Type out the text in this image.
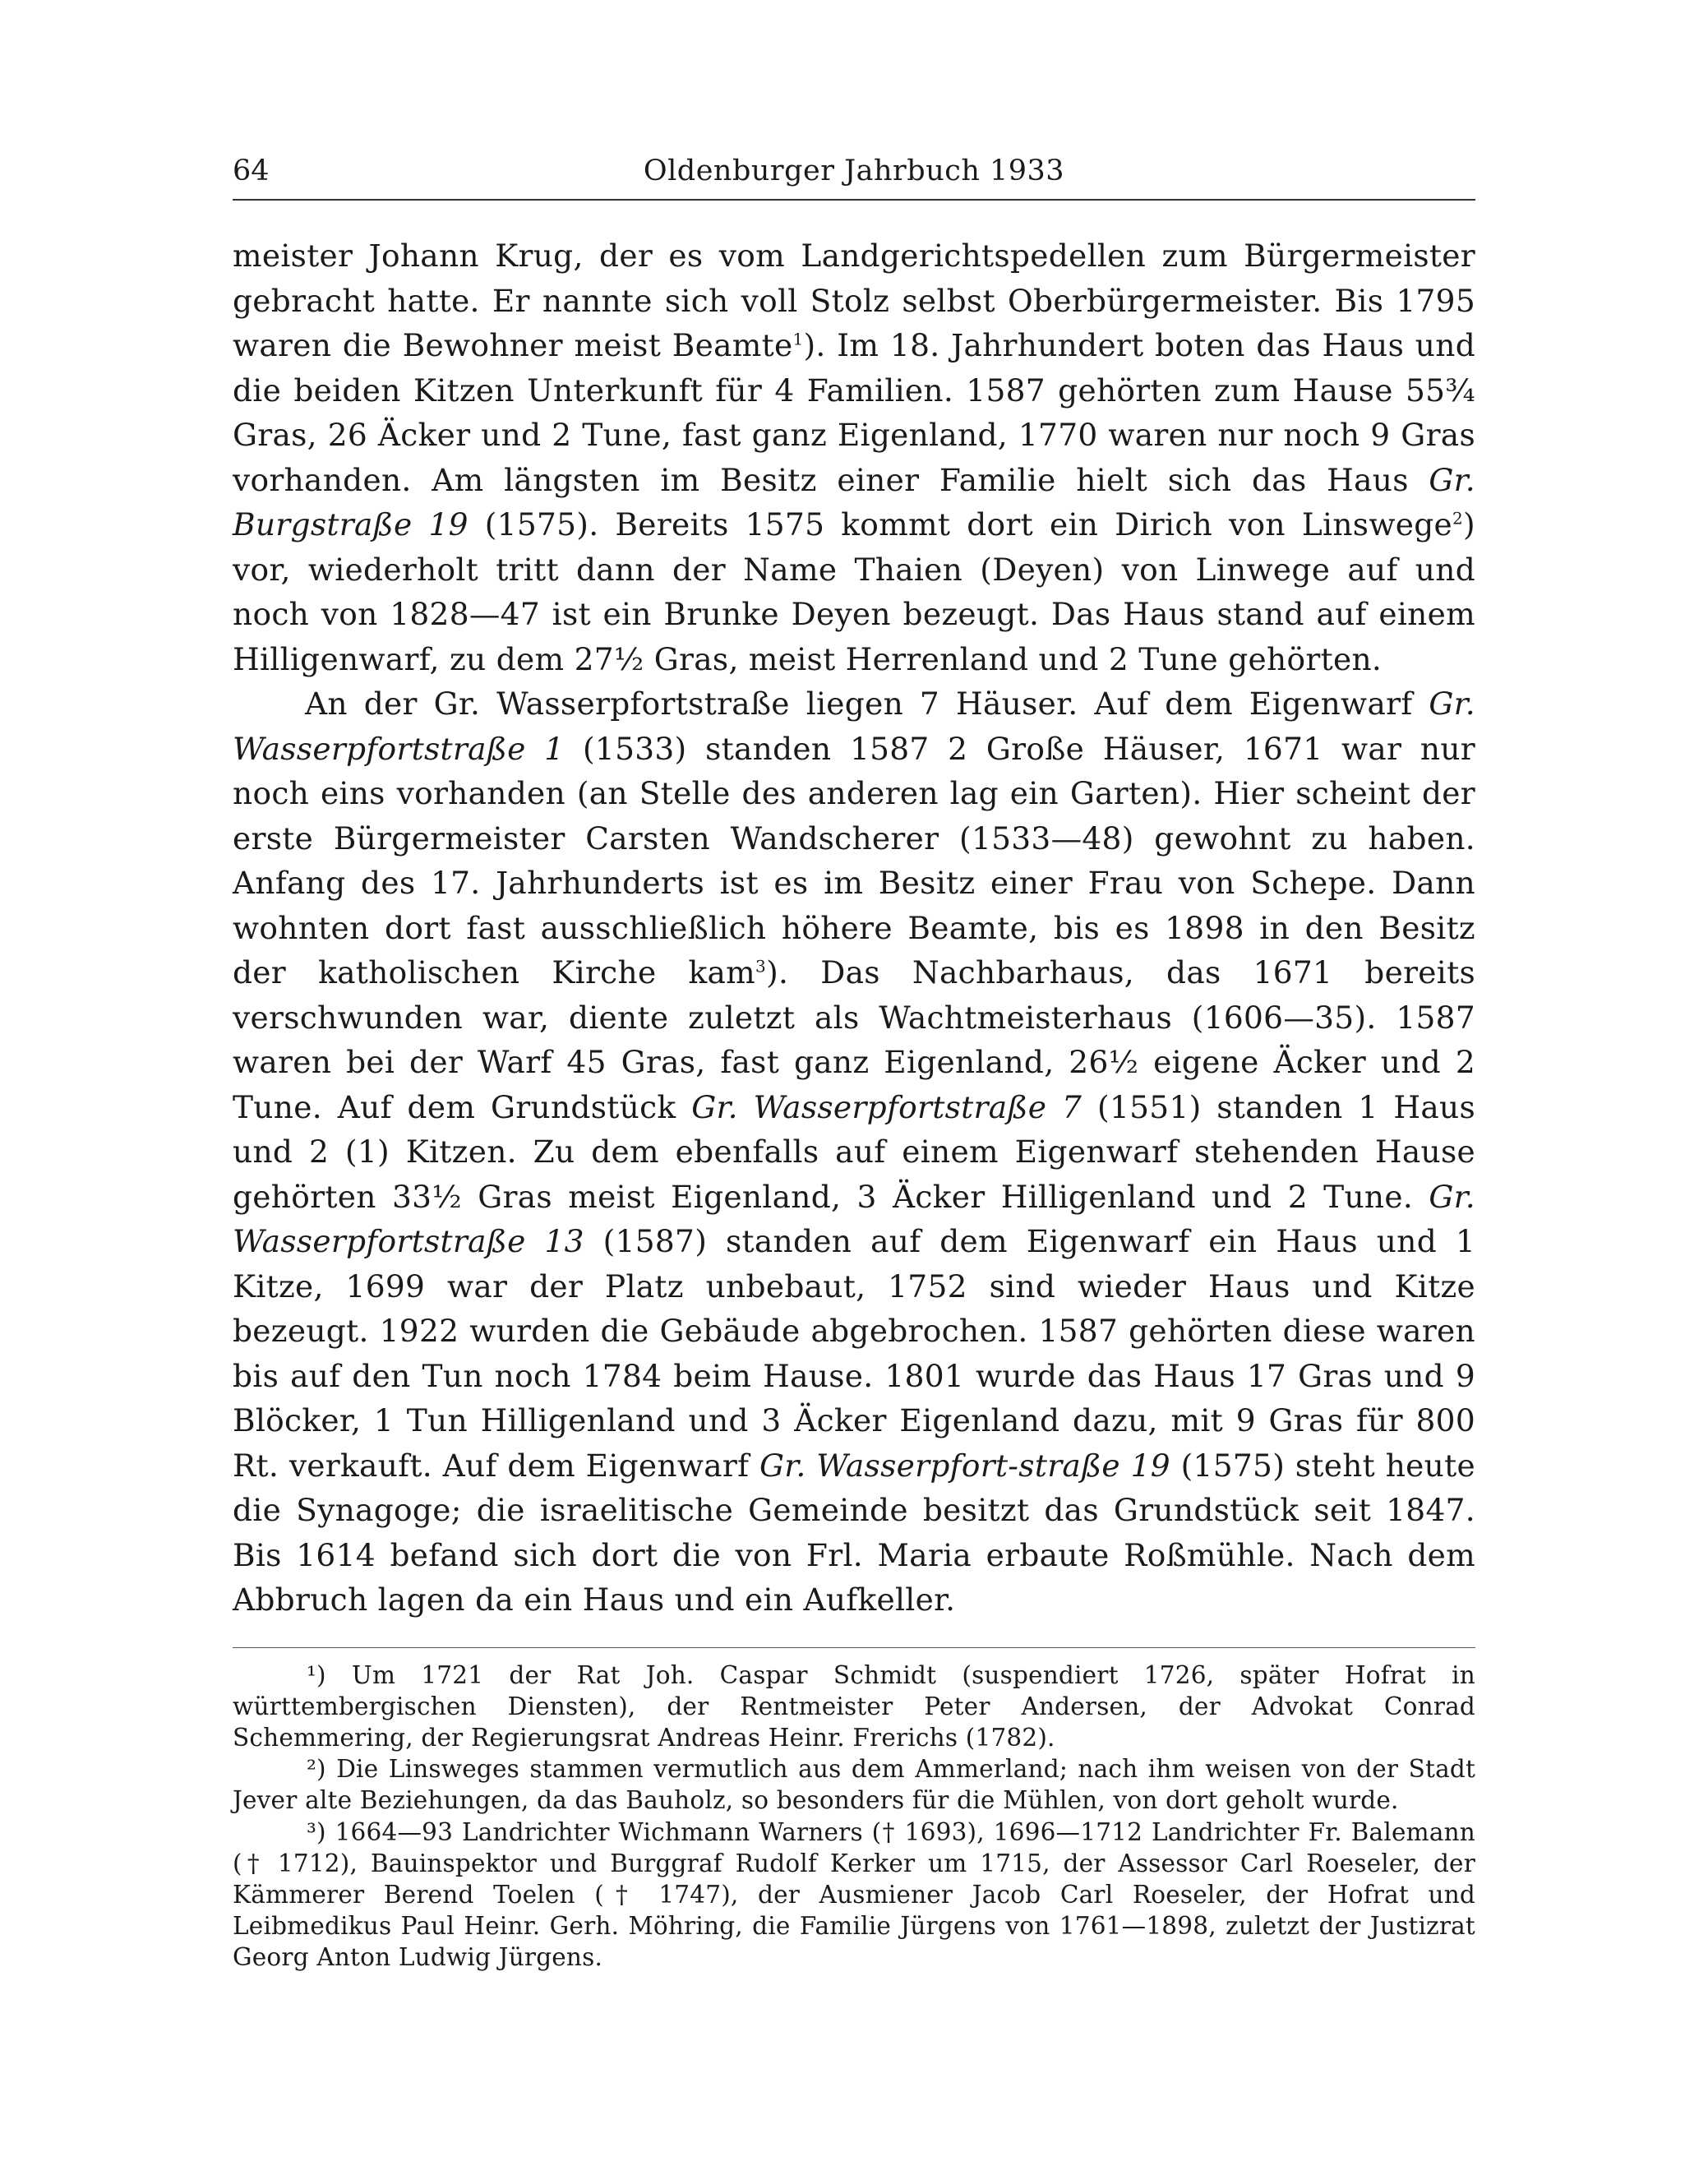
64	Oldenburger Jahrbuch 1933

meister Johann Krug, der es vom Landgerichtspedellen zum Bürgermeister gebracht hatte. Er nannte sich voll Stolz selbst Oberbürgermeister. Bis 1795 waren die Bewohner meist Beamte$^1$). Im 18. Jahrhundert boten das Haus und die beiden Kitzen Unterkunft für 4 Familien. 1587 gehörten zum Hause 55¾ Gras, 26 Äcker und 2 Tune, fast ganz Eigenland, 1770 waren nur noch 9 Gras vorhanden. Am längsten im Besitz einer Familie hielt sich das Haus Gr. Burgstraße 19 (1575). Bereits 1575 kommt dort ein Dirich von Linswege$^2$) vor, wiederholt tritt dann der Name Thaien (Deyen) von Linwege auf und noch von 1828—47 ist ein Brunke Deyen bezeugt. Das Haus stand auf einem Hilligenwarf, zu dem 27½ Gras, meist Herrenland und 2 Tune gehörten.

An der Gr. Wasserpfortstraße liegen 7 Häuser. Auf dem Eigenwarf Gr. Wasserpfortstraße 1 (1533) standen 1587 2 Große Häuser, 1671 war nur noch eins vorhanden (an Stelle des anderen lag ein Garten). Hier scheint der erste Bürgermeister Carsten Wandscherer (1533—48) gewohnt zu haben. Anfang des 17. Jahrhunderts ist es im Besitz einer Frau von Schepe. Dann wohnten dort fast ausschließlich höhere Beamte, bis es 1898 in den Besitz der katholischen Kirche kam$^3$). Das Nachbarhaus, das 1671 bereits verschwunden war, diente zuletzt als Wachtmeisterhaus (1606—35). 1587 waren bei der Warf 45 Gras, fast ganz Eigenland, 26½ eigene Äcker und 2 Tune. Auf dem Grundstück Gr. Wasserpfortstraße 7 (1551) standen 1 Haus und 2 (1) Kitzen. Zu dem ebenfalls auf einem Eigenwarf stehenden Hause gehörten 33½ Gras meist Eigenland, 3 Äcker Hilligenland und 2 Tune. Gr. Wasserpfortstraße 13 (1587) standen auf dem Eigenwarf ein Haus und 1 Kitze, 1699 war der Platz unbebaut, 1752 sind wieder Haus und Kitze bezeugt. 1922 wurden die Gebäude abgebrochen. 1587 gehörten diese waren bis auf den Tun noch 1784 beim Hause. 1801 wurde das Haus 17 Gras und 9 Blöcker, 1 Tun Hilligenland und 3 Äcker Eigenland dazu, mit 9 Gras für 800 Rt. verkauft. Auf dem Eigenwarf Gr. Wasserpfort-straße 19 (1575) steht heute die Synagoge; die israelitische Gemeinde besitzt das Grundstück seit 1847. Bis 1614 befand sich dort die von Frl. Maria erbaute Roßmühle. Nach dem Abbruch lagen da ein Haus und ein Aufkeller.

¹) Um 1721 der Rat Joh. Caspar Schmidt (suspendiert 1726, später Hofrat in württembergischen Diensten), der Rentmeister Peter Andersen, der Advokat Conrad Schemmering, der Regierungsrat Andreas Heinr. Frerichs (1782).

²) Die Linsweges stammen vermutlich aus dem Ammerland; nach ihm weisen von der Stadt Jever alte Beziehungen, da das Bauholz, so besonders für die Mühlen, von dort geholt wurde.

³) 1664—93 Landrichter Wichmann Warners († 1693), 1696—1712 Landrichter Fr. Balemann († 1712), Bauinspektor und Burggraf Rudolf Kerker um 1715, der Assessor Carl Roeseler, der Kämmerer Berend Toelen († 1747), der Ausmiener Jacob Carl Roeseler, der Hofrat und Leibmedikus Paul Heinr. Gerh. Möhring, die Familie Jürgens von 1761—1898, zuletzt der Justizrat Georg Anton Ludwig Jürgens.
